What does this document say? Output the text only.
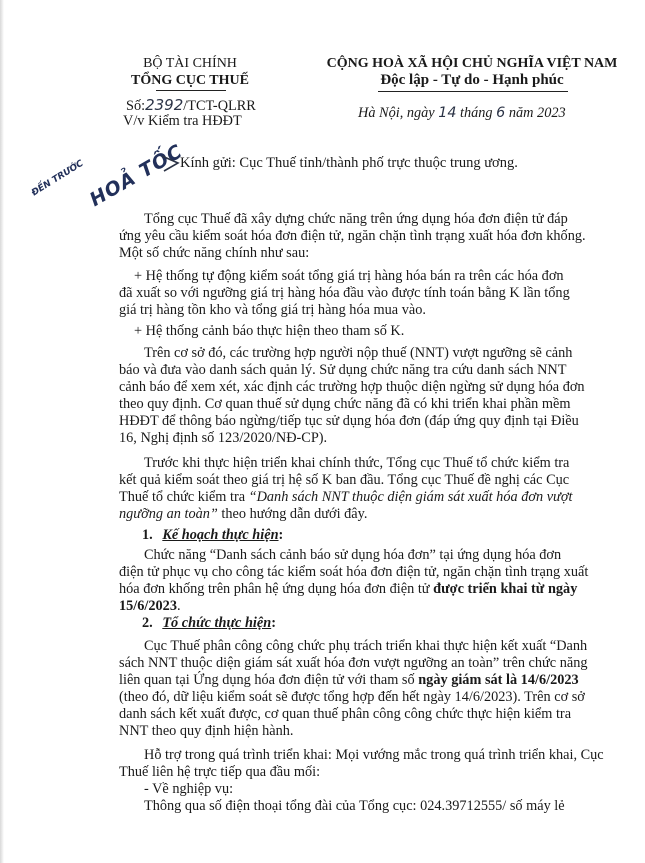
BỘ TÀI CHÍNH
TỔNG CỤC THUẾ
CỘNG HOÀ XÃ HỘI CHỦ NGHĨA VIỆT NAM
Độc lập - Tự do - Hạnh phúc
Số:2392/TCT-QLRR
V/v Kiểm tra HĐĐT	Hà Nội, ngày 14 tháng 6 năm 2023
ĐẾN TRƯỚC HOẢ TỐC
Kính gửi: Cục Thuế tỉnh/thành phố trực thuộc trung ương.
Tổng cục Thuế đã xây dựng chức năng trên ứng dụng hóa đơn điện tử đáp
ứng yêu cầu kiểm soát hóa đơn điện tử, ngăn chặn tình trạng xuất hóa đơn khống.
Một số chức năng chính như sau:
+ Hệ thống tự động kiểm soát tổng giá trị hàng hóa bán ra trên các hóa đơn
đã xuất so với ngưỡng giá trị hàng hóa đầu vào được tính toán bằng K lần tổng
giá trị hàng tồn kho và tổng giá trị hàng hóa mua vào.
+ Hệ thống cảnh báo thực hiện theo tham số K.
Trên cơ sở đó, các trường hợp người nộp thuế (NNT) vượt ngưỡng sẽ cảnh
báo và đưa vào danh sách quản lý. Sử dụng chức năng tra cứu danh sách NNT
cảnh báo để xem xét, xác định các trường hợp thuộc diện ngừng sử dụng hóa đơn
theo quy định. Cơ quan thuế sử dụng chức năng đã có khi triển khai phần mềm
HĐĐT để thông báo ngừng/tiếp tục sử dụng hóa đơn (đáp ứng quy định tại Điều
16, Nghị định số 123/2020/NĐ-CP).
Trước khi thực hiện triển khai chính thức, Tổng cục Thuế tổ chức kiểm tra
kết quả kiểm soát theo giá trị hệ số K ban đầu. Tổng cục Thuế đề nghị các Cục
Thuế tổ chức kiểm tra “Danh sách NNT thuộc diện giám sát xuất hóa đơn vượt
ngưỡng an toàn” theo hướng dẫn dưới đây.
1. Kế hoạch thực hiện:
Chức năng “Danh sách cảnh báo sử dụng hóa đơn” tại ứng dụng hóa đơn
điện tử phục vụ cho công tác kiểm soát hóa đơn điện tử, ngăn chặn tình trạng xuất
hóa đơn khống trên phân hệ ứng dụng hóa đơn điện tử được triển khai từ ngày
15/6/2023.
2. Tổ chức thực hiện:
Cục Thuế phân công công chức phụ trách triển khai thực hiện kết xuất “Danh
sách NNT thuộc diện giám sát xuất hóa đơn vượt ngưỡng an toàn” trên chức năng
liên quan tại Ứng dụng hóa đơn điện tử với tham số ngày giám sát là 14/6/2023
(theo đó, dữ liệu kiểm soát sẽ được tổng hợp đến hết ngày 14/6/2023). Trên cơ sở
danh sách kết xuất được, cơ quan thuế phân công công chức thực hiện kiểm tra
NNT theo quy định hiện hành.
Hỗ trợ trong quá trình triển khai: Mọi vướng mắc trong quá trình triển khai, Cục
Thuế liên hệ trực tiếp qua đầu mối:
- Về nghiệp vụ:
Thông qua số điện thoại tổng đài của Tổng cục: 024.39712555/ số máy lẻ
